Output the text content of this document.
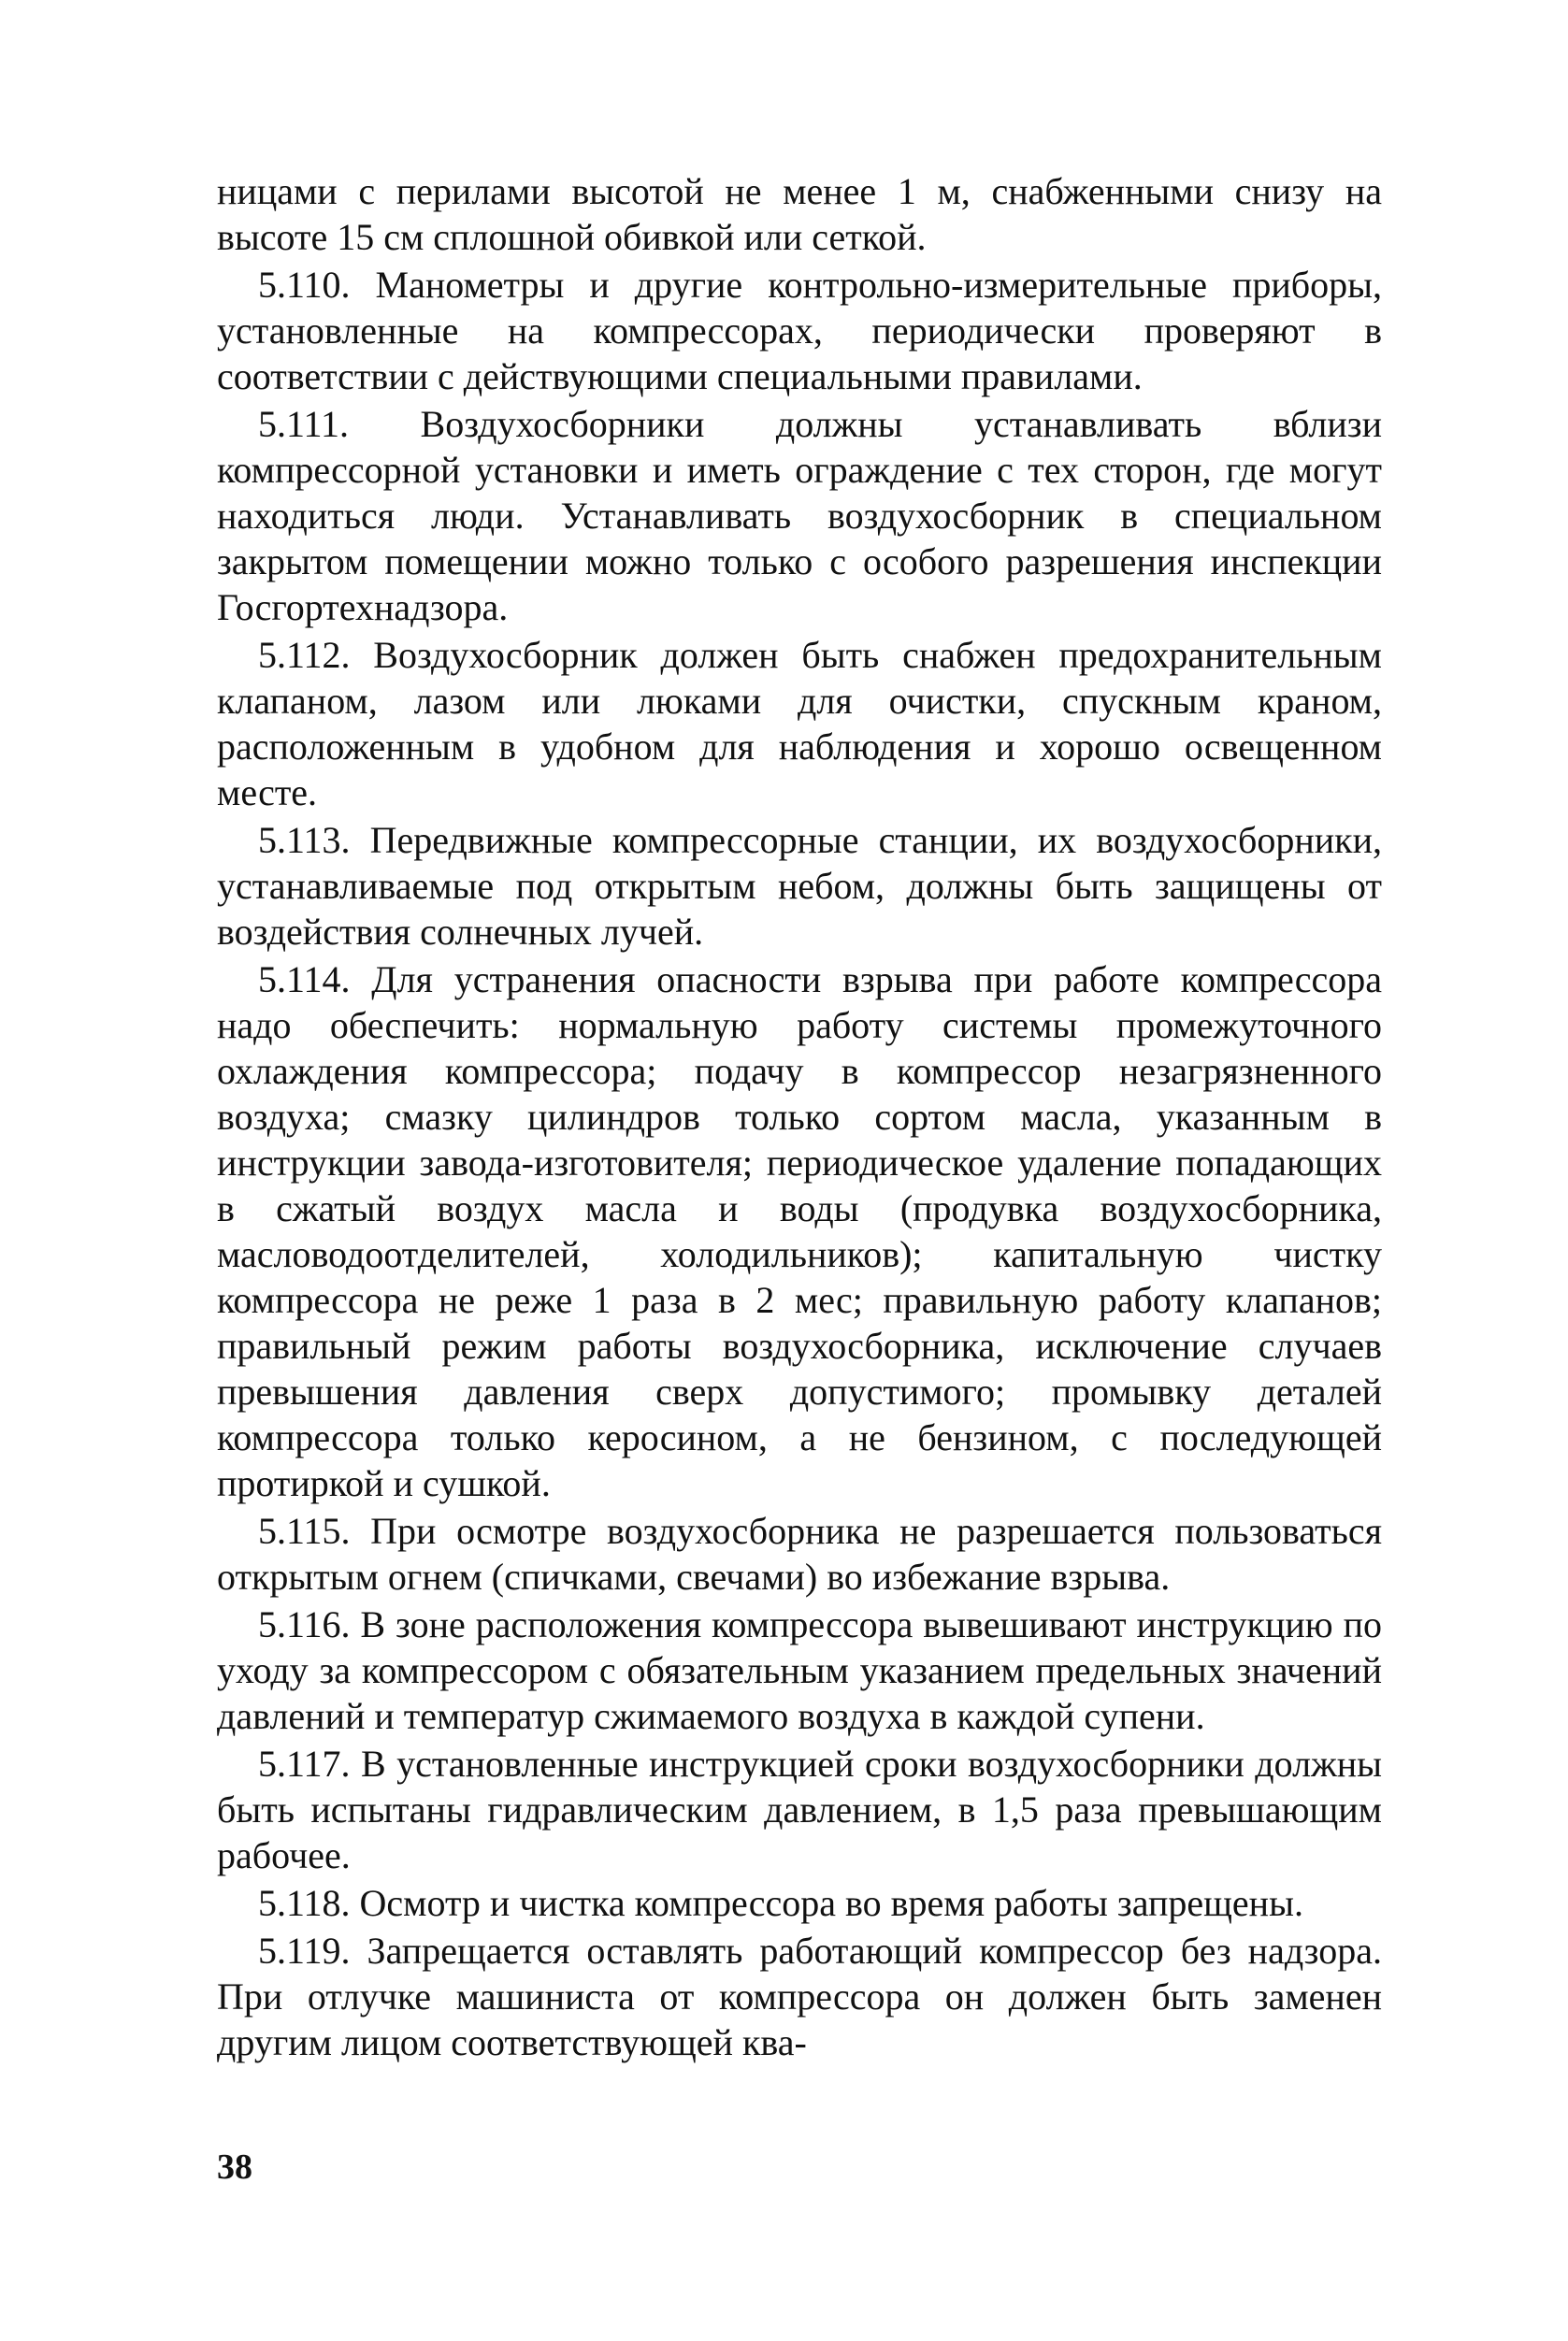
ницами с перилами высотой не менее 1 м, снабженными снизу на высоте 15 см сплошной обивкой или сеткой.

5.110. Манометры и другие контрольно-измерительные приборы, установленные на компрессорах, периодически проверяют в соответствии с действующими специальными правилами.

5.111. Воздухосборники должны устанавливать вблизи компрессорной установки и иметь ограждение с тех сторон, где могут находиться люди. Устанавливать воздухосборник в специальном закрытом помещении можно только с особого разрешения инспекции Госгортехнадзора.

5.112. Воздухосборник должен быть снабжен предохранительным клапаном, лазом или люками для очистки, спускным краном, расположенным в удобном для наблюдения и хорошо освещенном месте.

5.113. Передвижные компрессорные станции, их воздухосборники, устанавливаемые под открытым небом, должны быть защищены от воздействия солнечных лучей.

5.114. Для устранения опасности взрыва при работе компрессора надо обеспечить: нормальную работу системы промежуточного охлаждения компрессора; подачу в компрессор незагрязненного воздуха; смазку цилиндров только сортом масла, указанным в инструкции завода-изготовителя; периодическое удаление попадающих в сжатый воздух масла и воды (продувка воздухосборника, масловодоотделителей, холодильников); капитальную чистку компрессора не реже 1 раза в 2 мес; правильную работу клапанов; правильный режим работы воздухосборника, исключение случаев превышения давления сверх допустимого; промывку деталей компрессора только керосином, а не бензином, с последующей протиркой и сушкой.

5.115. При осмотре воздухосборника не разрешается пользоваться открытым огнем (спичками, свечами) во избежание взрыва.

5.116. В зоне расположения компрессора вывешивают инструкцию по уходу за компрессором с обязательным указанием предельных значений давлений и температур сжимаемого воздуха в каждой супени.

5.117. В установленные инструкцией сроки воздухосборники должны быть испытаны гидравлическим давлением, в 1,5 раза превышающим рабочее.

5.118. Осмотр и чистка компрессора во время работы запрещены.

5.119. Запрещается оставлять работающий компрессор без надзора. При отлучке машиниста от компрессора он должен быть заменен другим лицом соответствующей ква-

38
